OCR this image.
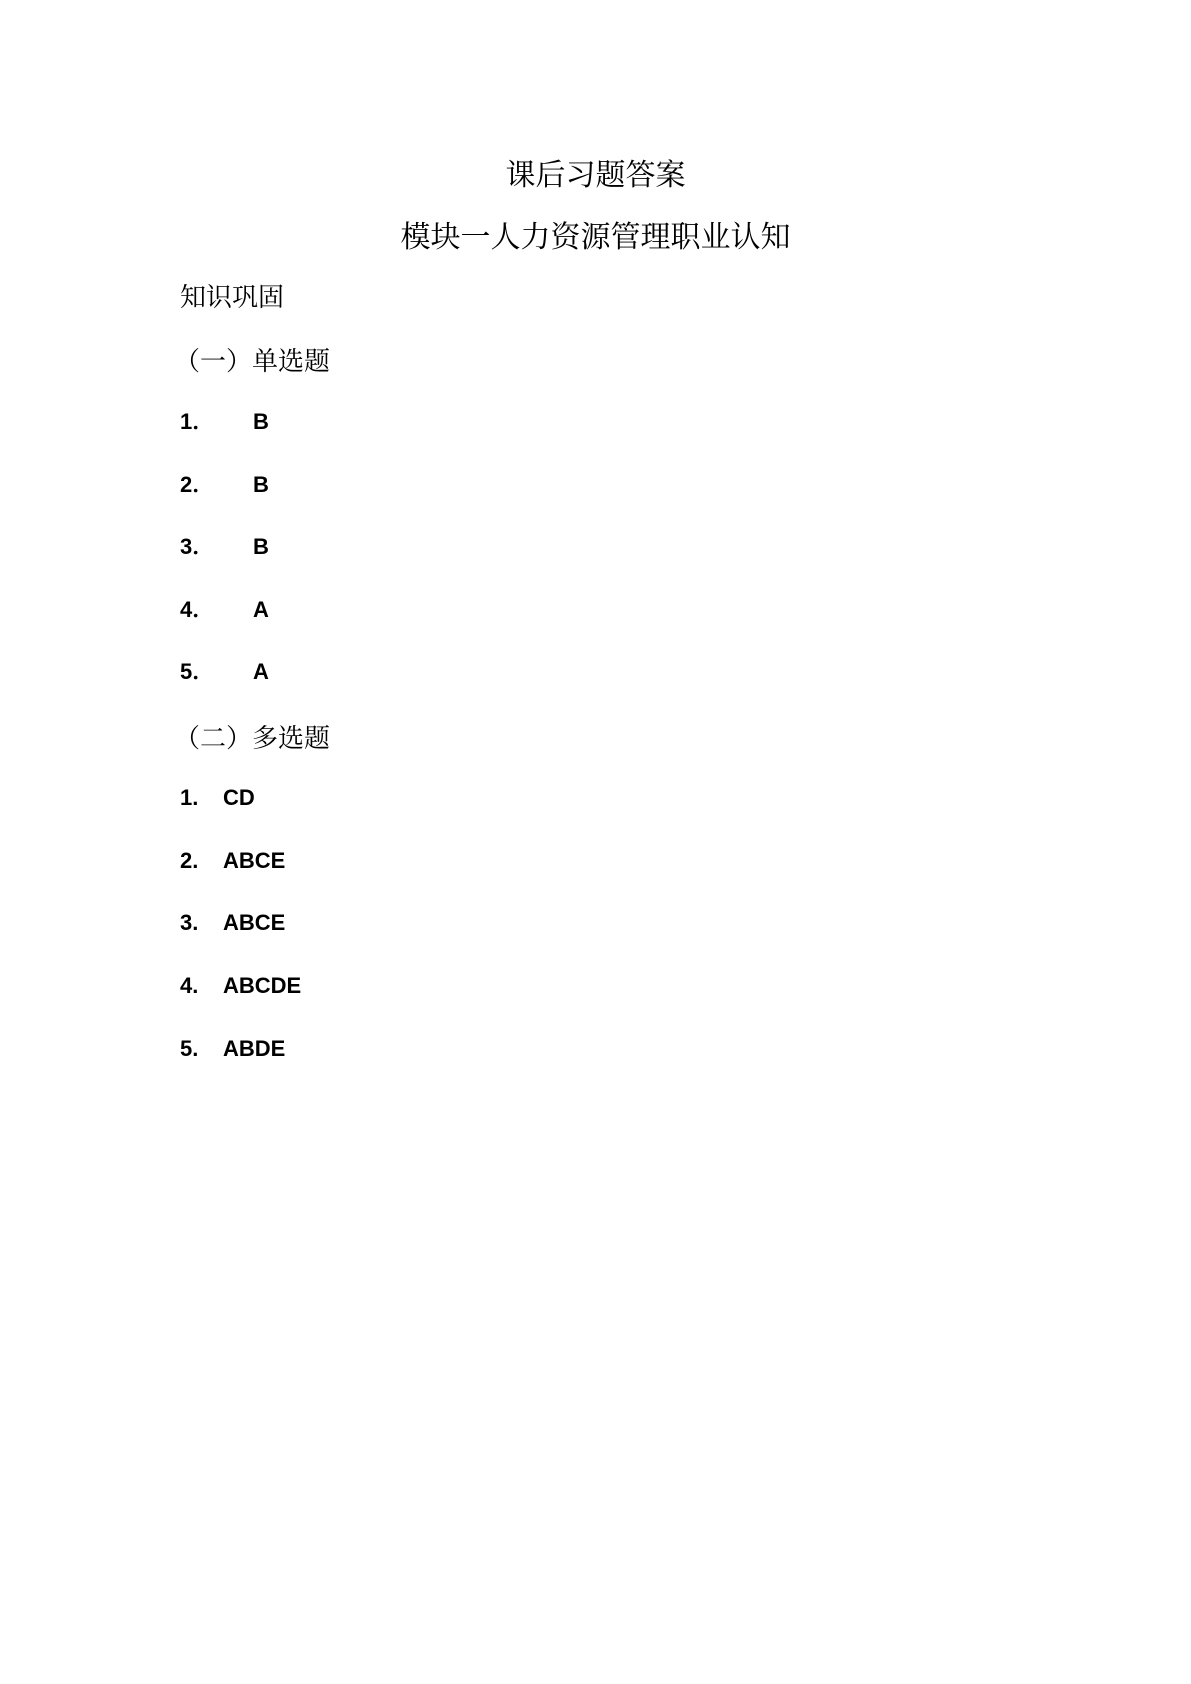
课后习题答案
模块一人力资源管理职业认知
知识巩固
（一）单选题
1． B
2． B
3． B
4． A
5． A
（二）多选题
1. CD
2. ABCE
3. ABCE
4. ABCDE
5. ABDE
